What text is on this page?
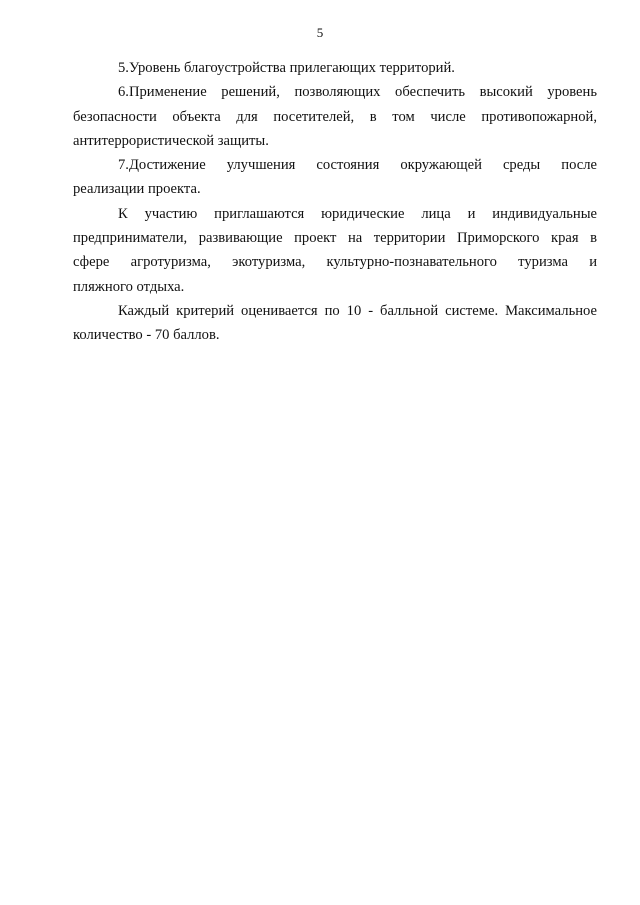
5
5.Уровень благоустройства прилегающих территорий.
6.Применение решений, позволяющих обеспечить высокий уровень
безопасности объекта для посетителей, в том числе противопожарной,
антитеррористической защиты.
7.Достижение улучшения состояния окружающей среды после
реализации проекта.
К участию приглашаются юридические лица и индивидуальные
предприниматели, развивающие проект на территории Приморского края в
сфере агротуризма, экотуризма, культурно-познавательного туризма и
пляжного отдыха.
Каждый критерий оценивается по 10 - балльной системе. Максимальное
количество - 70 баллов.
